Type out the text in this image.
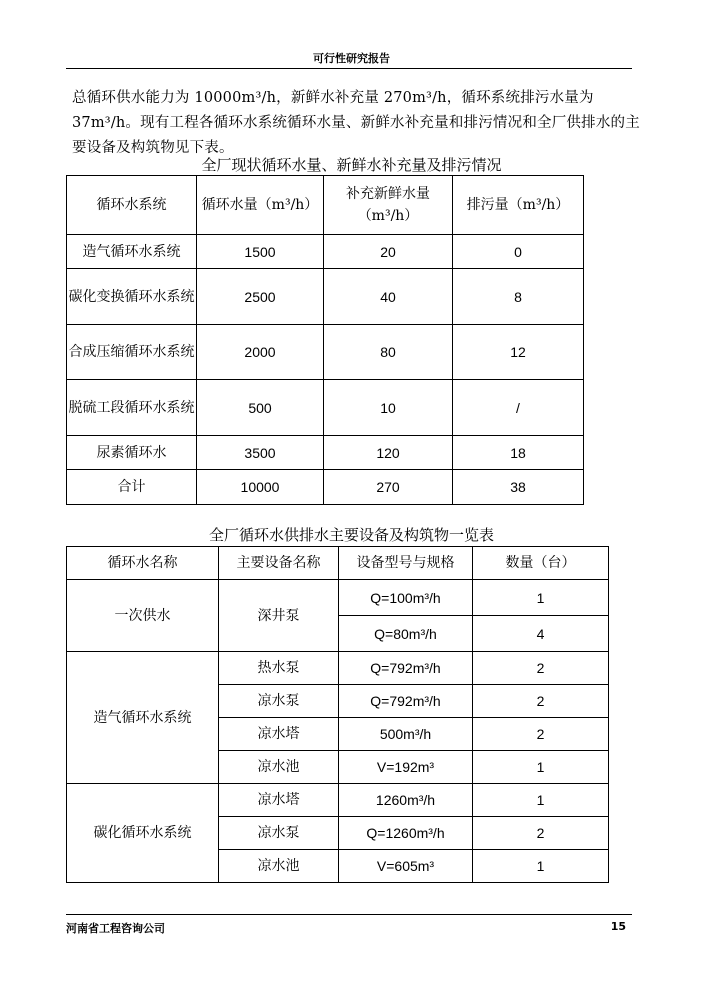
可行性研究报告

总循环供水能力为 10000m³/h，新鲜水补充量 270m³/h，循环系统排污水量为 37m³/h。现有工程各循环水系统循环水量、新鲜水补充量和排污情况和全厂供排水的主要设备及构筑物见下表。

全厂现状循环水量、新鲜水补充量及排污情况
循环水系统	循环水量（m³/h）	补充新鲜水量（m³/h）	排污量（m³/h）
造气循环水系统	1500	20	0
碳化变换循环水系统	2500	40	8
合成压缩循环水系统	2000	80	12
脱硫工段循环水系统	500	10	/
尿素循环水	3500	120	18
合计	10000	270	38
全厂循环水供排水主要设备及构筑物一览表
循环水名称	主要设备名称	设备型号与规格	数量（台）
一次供水	深井泵	Q=100m³/h	1
		Q=80m³/h	4
造气循环水系统	热水泵	Q=792m³/h	2
	凉水泵	Q=792m³/h	2
	凉水塔	500m³/h	2
	凉水池	V=192m³	1
碳化循环水系统	凉水塔	1260m³/h	1
	凉水泵	Q=1260m³/h	2
	凉水池	V=605m³	1
河南省工程咨询公司	15
